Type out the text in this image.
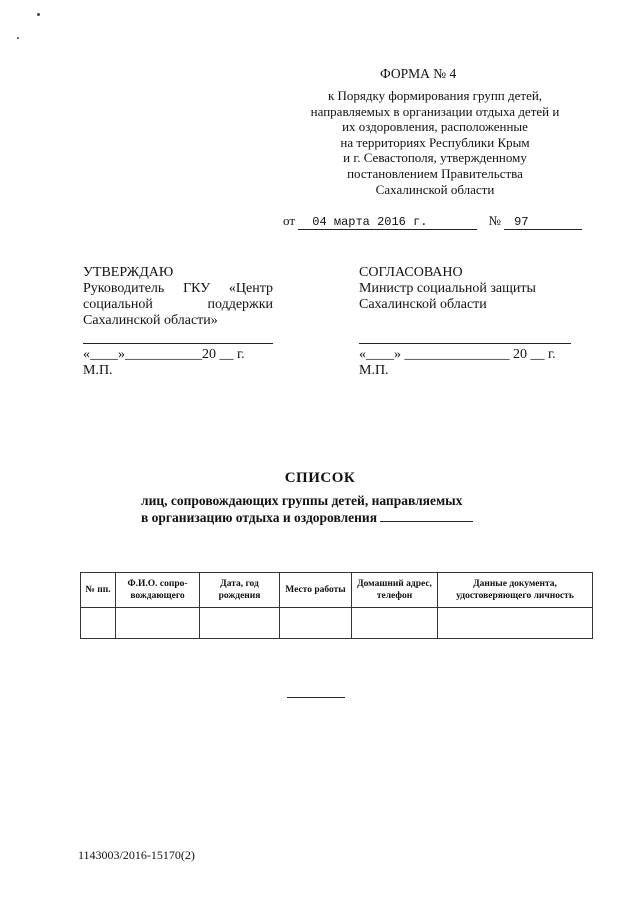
ФОРМА № 4
к Порядку формирования групп детей,
направляемых в организации отдыха детей и
их оздоровления, расположенные
на территориях Республики Крым
и г. Севастополя, утвержденному
постановлением Правительства
Сахалинской области
от 04 марта 2016 г.	№ 97
УТВЕРЖДАЮ
Руководитель ГКУ «Центр социальной поддержки Сахалинской области»
«____»___________20 __ г.
М.П.
СОГЛАСОВАНО
Министр социальной защиты Сахалинской области
«____» _______________ 20 __ г.
М.П.
СПИСОК
лиц, сопровождающих группы детей, направляемых
в организацию отдыха и оздоровления
№ пп.	Ф.И.О. сопро-вождающего	Дата, год рождения	Место работы	Домашний адрес, телефон	Данные документа, удостоверяющего личность

1143003/2016-15170(2)
